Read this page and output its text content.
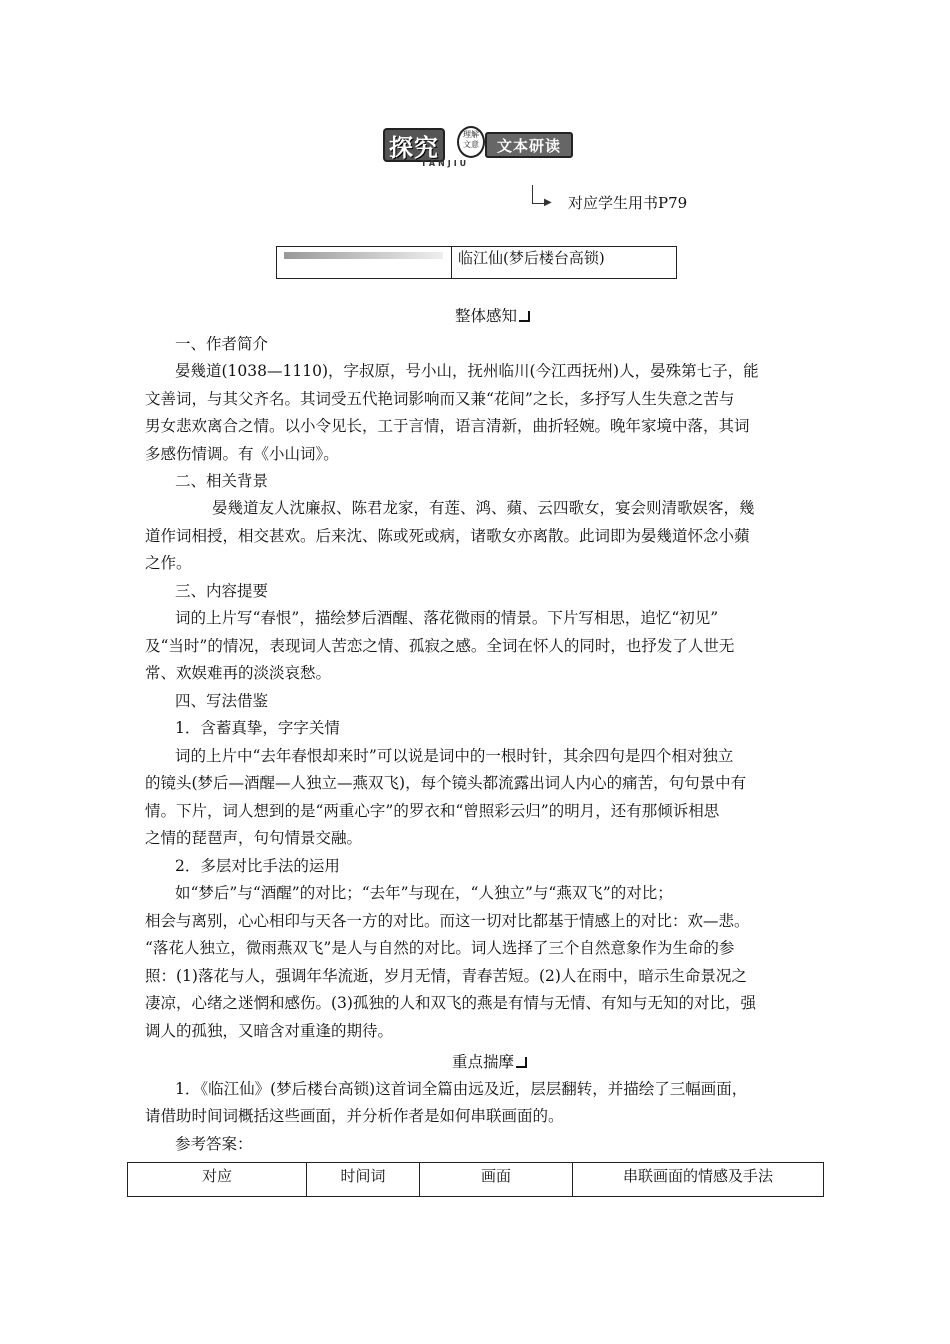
探究	理解
文意	文本研读
TANJIU
▶ 对应学生用书P79
临江仙(梦后楼台高锁)
整体感知
一、作者简介
晏幾道(1038—1110)，字叔原，号小山，抚州临川(今江西抚州)人，晏殊第七子，能
文善词，与其父齐名。其词受五代艳词影响而又兼“花间”之长，多抒写人生失意之苦与
男女悲欢离合之情。以小令见长，工于言情，语言清新，曲折轻婉。晚年家境中落，其词
多感伤情调。有《小山词》。
二、相关背景
晏幾道友人沈廉叔、陈君龙家，有莲、鸿、蘋、云四歌女，宴会则清歌娱客，幾
道作词相授，相交甚欢。后来沈、陈或死或病，诸歌女亦离散。此词即为晏幾道怀念小蘋
之作。
三、内容提要
词的上片写“春恨”，描绘梦后酒醒、落花微雨的情景。下片写相思，追忆“初见”
及“当时”的情况，表现词人苦恋之情、孤寂之感。全词在怀人的同时，也抒发了人世无
常、欢娱难再的淡淡哀愁。
四、写法借鉴
1．含蓄真挚，字字关情
词的上片中“去年春恨却来时”可以说是词中的一根时针，其余四句是四个相对独立
的镜头(梦后—酒醒—人独立—燕双飞)，每个镜头都流露出词人内心的痛苦，句句景中有
情。下片，词人想到的是“两重心字”的罗衣和“曾照彩云归”的明月，还有那倾诉相思
之情的琵琶声，句句情景交融。
2．多层对比手法的运用
如“梦后”与“酒醒”的对比；“去年”与现在，“人独立”与“燕双飞”的对比；
相会与离别，心心相印与天各一方的对比。而这一切对比都基于情感上的对比：欢—悲。
“落花人独立，微雨燕双飞”是人与自然的对比。词人选择了三个自然意象作为生命的参
照：(1)落花与人，强调年华流逝，岁月无情，青春苦短。(2)人在雨中，暗示生命景况之
凄凉，心绪之迷惘和感伤。(3)孤独的人和双飞的燕是有情与无情、有知与无知的对比，强
调人的孤独，又暗含对重逢的期待。
重点揣摩
1．《临江仙》(梦后楼台高锁)这首词全篇由远及近，层层翻转，并描绘了三幅画面，
请借助时间词概括这些画面，并分析作者是如何串联画面的。
参考答案：
对应	时间词	画面	串联画面的情感及手法
